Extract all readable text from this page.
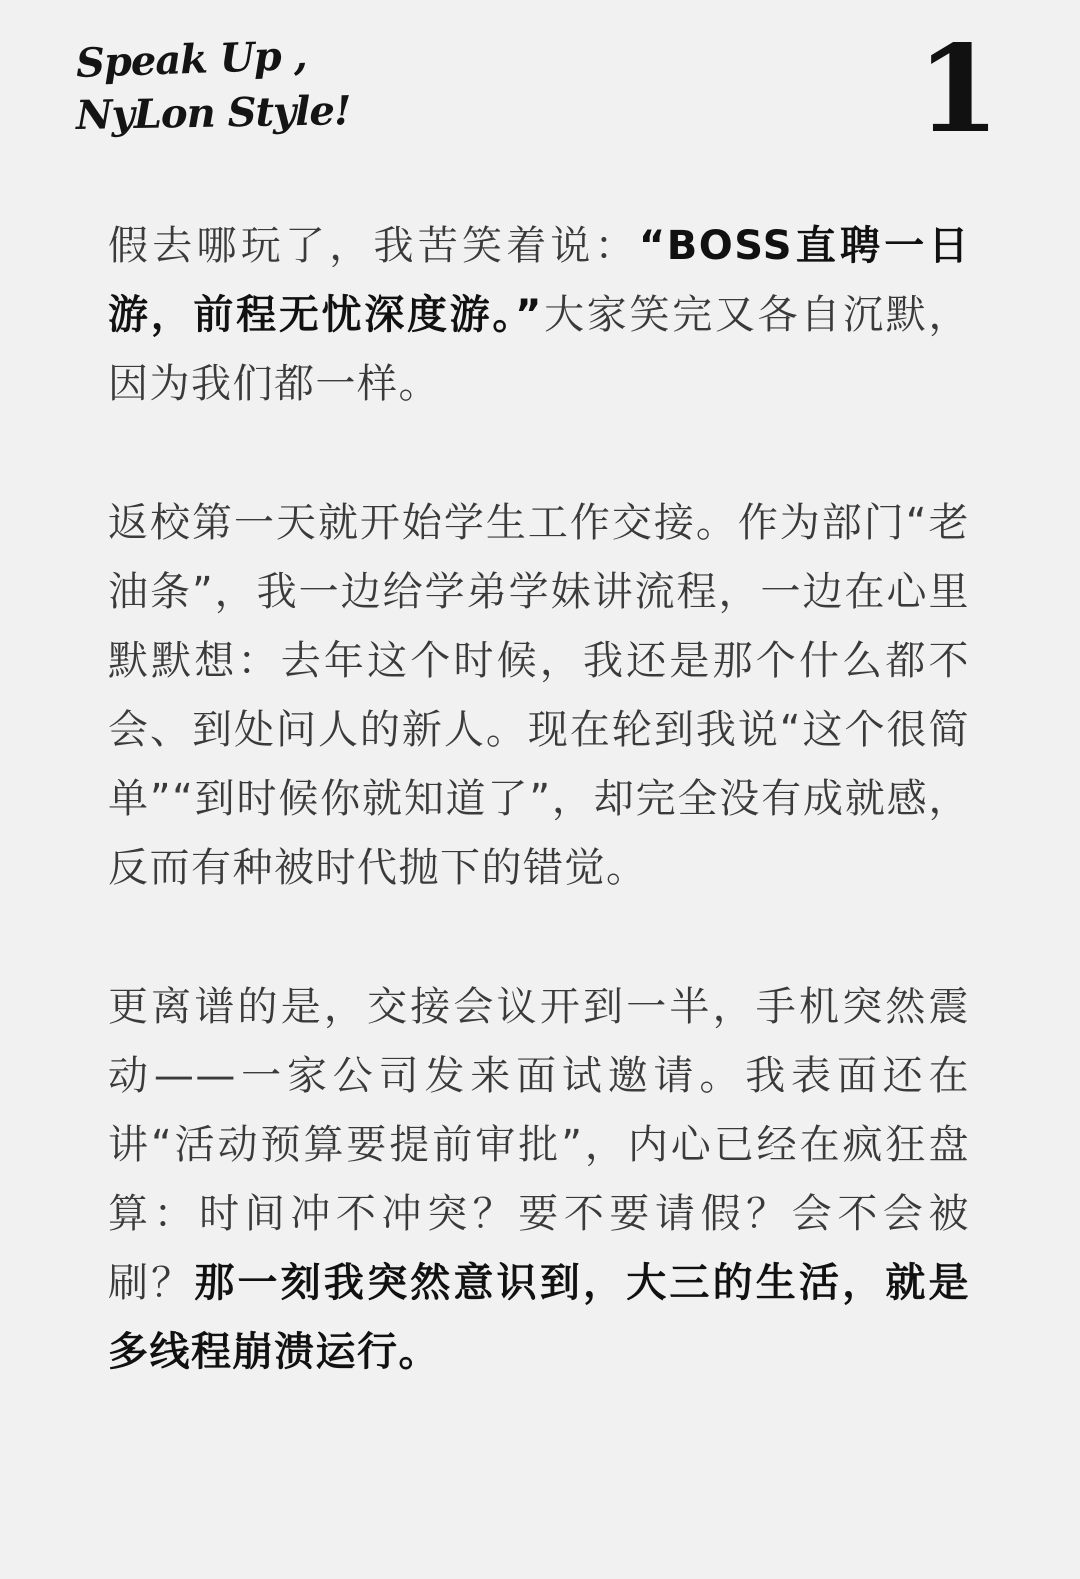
Speak Up ,
NyLon Style!	1

假去哪玩了，我苦笑着说：“BOSS直聘一日游，前程无忧深度游。”大家笑完又各自沉默，因为我们都一样。

返校第一天就开始学生工作交接。作为部门“老油条”，我一边给学弟学妹讲流程，一边在心里默默想：去年这个时候，我还是那个什么都不会、到处问人的新人。现在轮到我说“这个很简单”“到时候你就知道了”，却完全没有成就感，反而有种被时代抛下的错觉。

更离谱的是，交接会议开到一半，手机突然震动——一家公司发来面试邀请。我表面还在讲“活动预算要提前审批”，内心已经在疯狂盘算：时间冲不冲突？要不要请假？会不会被刷？那一刻我突然意识到，大三的生活，就是多线程崩溃运行。
